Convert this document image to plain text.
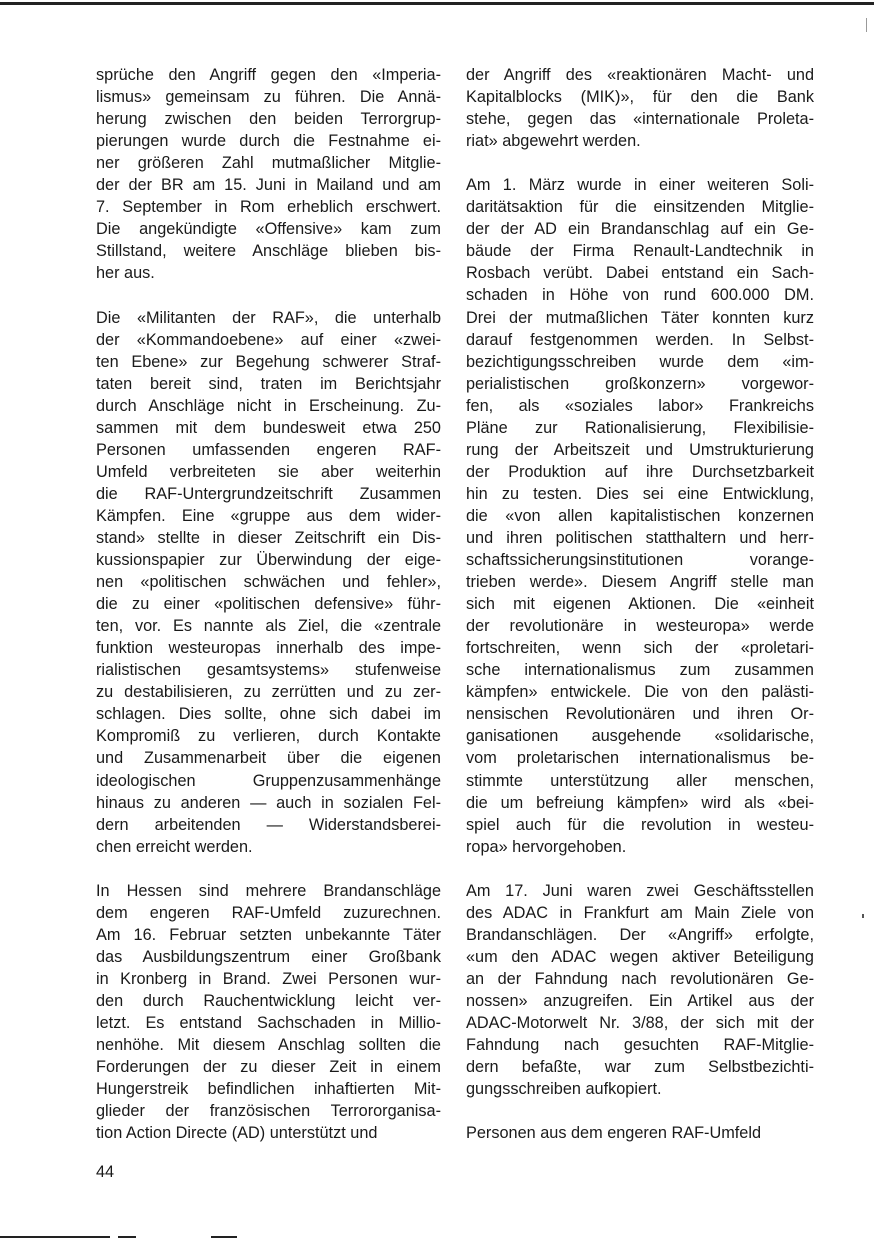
sprüche den Angriff gegen den «Imperia-
lismus» gemeinsam zu führen. Die Annä-
herung zwischen den beiden Terrorgrup-
pierungen wurde durch die Festnahme ei-
ner größeren Zahl mutmaßlicher Mitglie-
der der BR am 15. Juni in Mailand und am
7. September in Rom erheblich erschwert.
Die angekündigte «Offensive» kam zum
Stillstand, weitere Anschläge blieben bis-
her aus.
Die «Militanten der RAF», die unterhalb
der «Kommandoebene» auf einer «zwei-
ten Ebene» zur Begehung schwerer Straf-
taten bereit sind, traten im Berichtsjahr
durch Anschläge nicht in Erscheinung. Zu-
sammen mit dem bundesweit etwa 250
Personen umfassenden engeren RAF-
Umfeld verbreiteten sie aber weiterhin
die RAF-Untergrundzeitschrift Zusammen
Kämpfen. Eine «gruppe aus dem wider-
stand» stellte in dieser Zeitschrift ein Dis-
kussionspapier zur Überwindung der eige-
nen «politischen schwächen und fehler»,
die zu einer «politischen defensive» führ-
ten, vor. Es nannte als Ziel, die «zentrale
funktion westeuropas innerhalb des impe-
rialistischen gesamtsystems» stufenweise
zu destabilisieren, zu zerrütten und zu zer-
schlagen. Dies sollte, ohne sich dabei im
Kompromiß zu verlieren, durch Kontakte
und Zusammenarbeit über die eigenen
ideologischen Gruppenzusammenhänge
hinaus zu anderen — auch in sozialen Fel-
dern arbeitenden — Widerstandsberei-
chen erreicht werden.
In Hessen sind mehrere Brandanschläge
dem engeren RAF-Umfeld zuzurechnen.
Am 16. Februar setzten unbekannte Täter
das Ausbildungszentrum einer Großbank
in Kronberg in Brand. Zwei Personen wur-
den durch Rauchentwicklung leicht ver-
letzt. Es entstand Sachschaden in Millio-
nenhöhe. Mit diesem Anschlag sollten die
Forderungen der zu dieser Zeit in einem
Hungerstreik befindlichen inhaftierten Mit-
glieder der französischen Terrororganisa-
tion Action Directe (AD) unterstützt und
der Angriff des «reaktionären Macht- und
Kapitalblocks (MIK)», für den die Bank
stehe, gegen das «internationale Proleta-
riat» abgewehrt werden.
Am 1. März wurde in einer weiteren Soli-
daritätsaktion für die einsitzenden Mitglie-
der der AD ein Brandanschlag auf ein Ge-
bäude der Firma Renault-Landtechnik in
Rosbach verübt. Dabei entstand ein Sach-
schaden in Höhe von rund 600.000 DM.
Drei der mutmaßlichen Täter konnten kurz
darauf festgenommen werden. In Selbst-
bezichtigungsschreiben wurde dem «im-
perialistischen großkonzern» vorgewor-
fen, als «soziales labor» Frankreichs
Pläne zur Rationalisierung, Flexibilisie-
rung der Arbeitszeit und Umstrukturierung
der Produktion auf ihre Durchsetzbarkeit
hin zu testen. Dies sei eine Entwicklung,
die «von allen kapitalistischen konzernen
und ihren politischen statthaltern und herr-
schaftssicherungsinstitutionen vorange-
trieben werde». Diesem Angriff stelle man
sich mit eigenen Aktionen. Die «einheit
der revolutionäre in westeuropa» werde
fortschreiten, wenn sich der «proletari-
sche internationalismus zum zusammen
kämpfen» entwickele. Die von den palästi-
nensischen Revolutionären und ihren Or-
ganisationen ausgehende «solidarische,
vom proletarischen internationalismus be-
stimmte unterstützung aller menschen,
die um befreiung kämpfen» wird als «bei-
spiel auch für die revolution in westeu-
ropa» hervorgehoben.
Am 17. Juni waren zwei Geschäftsstellen
des ADAC in Frankfurt am Main Ziele von
Brandanschlägen. Der «Angriff» erfolgte,
«um den ADAC wegen aktiver Beteiligung
an der Fahndung nach revolutionären Ge-
nossen» anzugreifen. Ein Artikel aus der
ADAC-Motorwelt Nr. 3/88, der sich mit der
Fahndung nach gesuchten RAF-Mitglie-
dern befaßte, war zum Selbstbezichti-
gungsschreiben aufkopiert.
Personen aus dem engeren RAF-Umfeld
44
